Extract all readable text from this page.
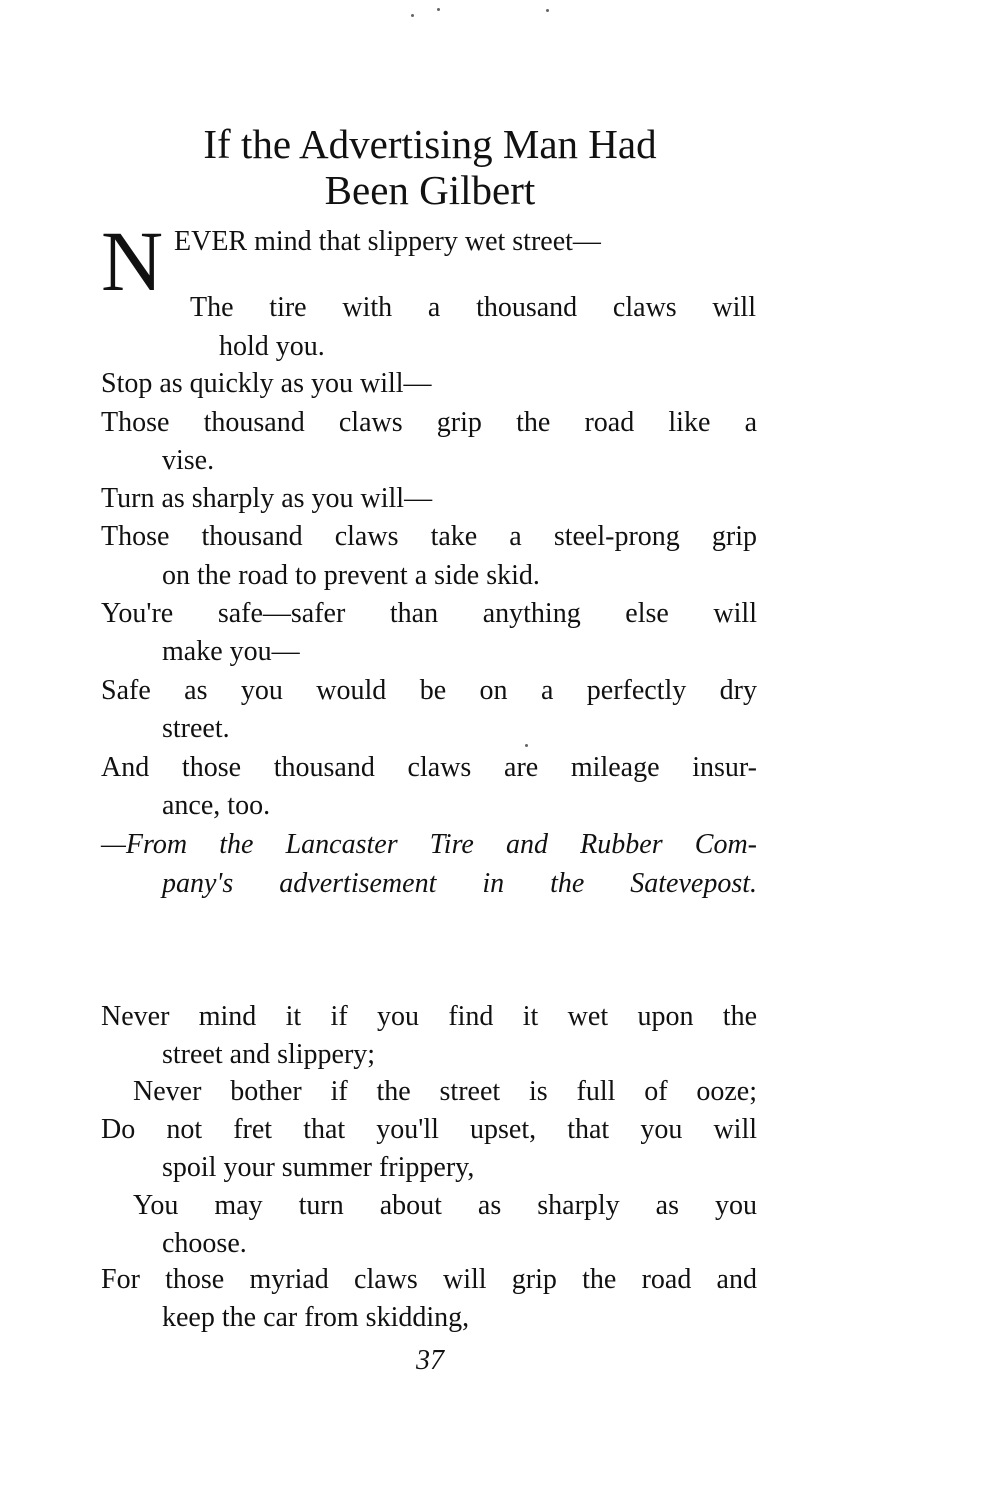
If the Advertising Man Had
Been Gilbert
N EVER mind that slippery wet street—

The tire with a thousand claws will

hold you.

Stop as quickly as you will—

Those thousand claws grip the road like a

vise.

Turn as sharply as you will—

Those thousand claws take a steel-prong grip

on the road to prevent a side skid.

You're safe—safer than anything else will

make you—

Safe as you would be on a perfectly dry

street.

And those thousand claws are mileage insur-

ance, too.

—From the Lancaster Tire and Rubber Com-

pany's advertisement in the Satevepost.

Never mind it if you find it wet upon the

street and slippery;

Never bother if the street is full of ooze;

Do not fret that you'll upset, that you will

spoil your summer frippery,

You may turn about as sharply as you

choose.

For those myriad claws will grip the road and

keep the car from skidding,

37
